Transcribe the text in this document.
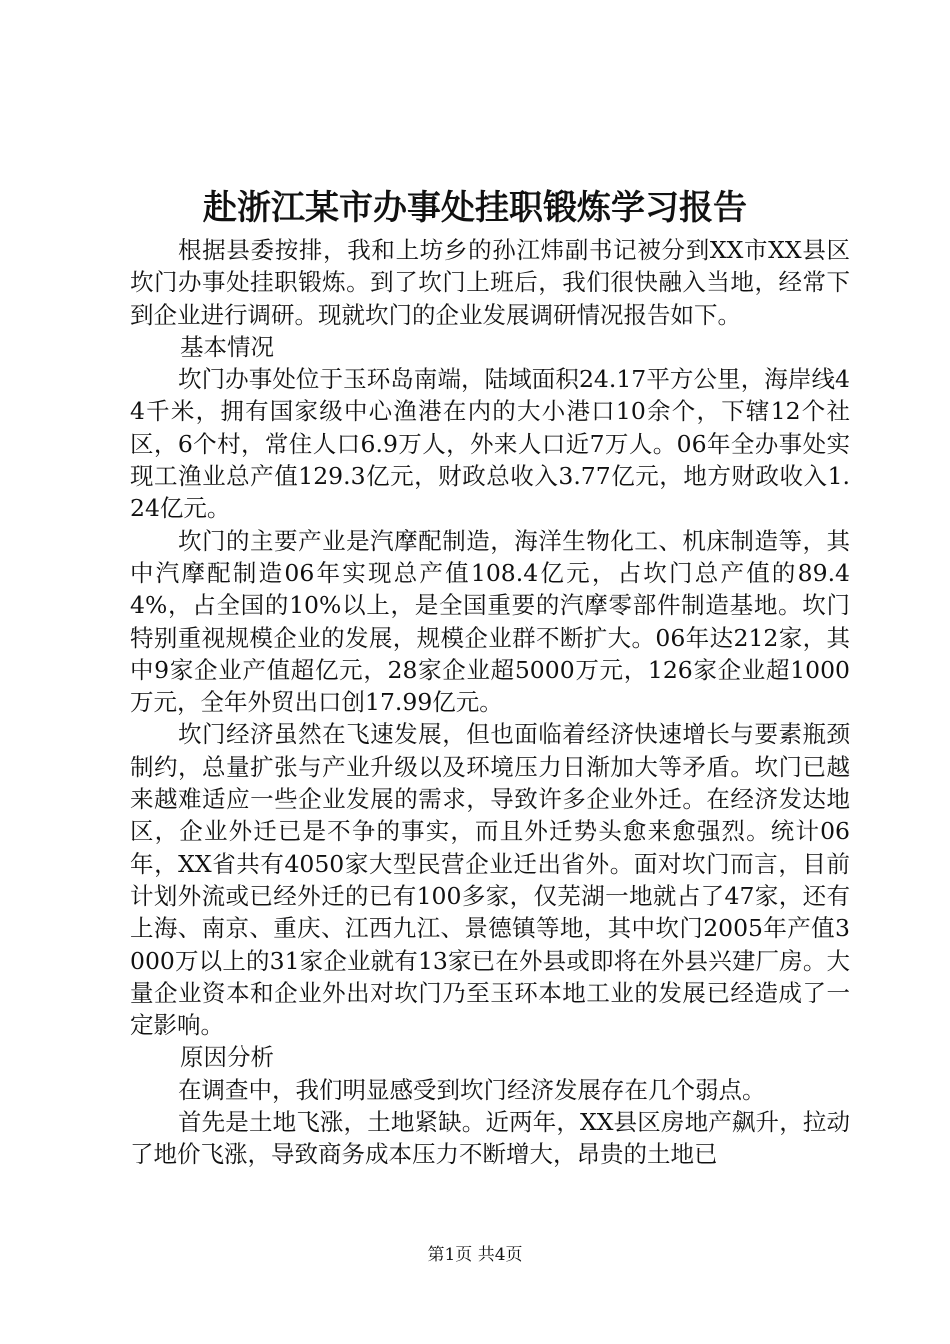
赴浙江某市办事处挂职锻炼学习报告

根据县委按排，我和上坊乡的孙江炜副书记被分到XX市XX县区坎门办事处挂职锻炼。到了坎门上班后，我们很快融入当地，经常下到企业进行调研。现就坎门的企业发展调研情况报告如下。

基本情况

坎门办事处位于玉环岛南端，陆域面积24.17平方公里，海岸线44千米，拥有国家级中心渔港在内的大小港口10余个，下辖12个社区，6个村，常住人口6.9万人，外来人口近7万人。06年全办事处实现工渔业总产值129.3亿元，财政总收入3.77亿元，地方财政收入1.24亿元。

坎门的主要产业是汽摩配制造，海洋生物化工、机床制造等，其中汽摩配制造06年实现总产值108.4亿元，占坎门总产值的89.44%，占全国的10%以上，是全国重要的汽摩零部件制造基地。坎门特别重视规模企业的发展，规模企业群不断扩大。06年达212家，其中9家企业产值超亿元，28家企业超5000万元，126家企业超1000万元，全年外贸出口创17.99亿元。

坎门经济虽然在飞速发展，但也面临着经济快速增长与要素瓶颈制约，总量扩张与产业升级以及环境压力日渐加大等矛盾。坎门已越来越难适应一些企业发展的需求，导致许多企业外迁。在经济发达地区，企业外迁已是不争的事实，而且外迁势头愈来愈强烈。统计06年，XX省共有4050家大型民营企业迁出省外。面对坎门而言，目前计划外流或已经外迁的已有100多家，仅芜湖一地就占了47家，还有上海、南京、重庆、江西九江、景德镇等地，其中坎门2005年产值3000万以上的31家企业就有13家已在外县或即将在外县兴建厂房。大量企业资本和企业外出对坎门乃至玉环本地工业的发展已经造成了一定影响。

原因分析

在调查中，我们明显感受到坎门经济发展存在几个弱点。

首先是土地飞涨，土地紧缺。近两年，XX县区房地产飙升，拉动了地价飞涨，导致商务成本压力不断增大，昂贵的土地已

第1页 共4页
